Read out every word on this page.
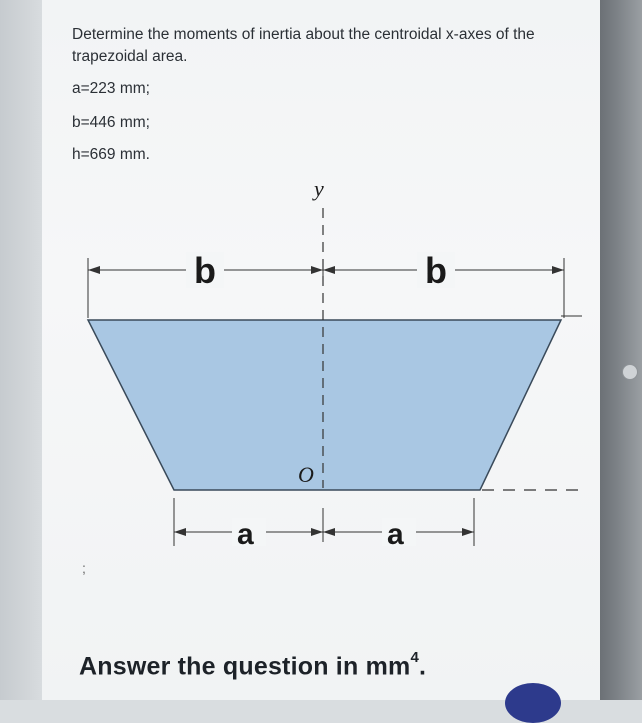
Determine the moments of inertia about the centroidal x-axes of the trapezoidal area.
a=223 mm;
b=446 mm;
h=669 mm.
b	b
y
a	a
O
;
Answer the question in $mm^4$.
